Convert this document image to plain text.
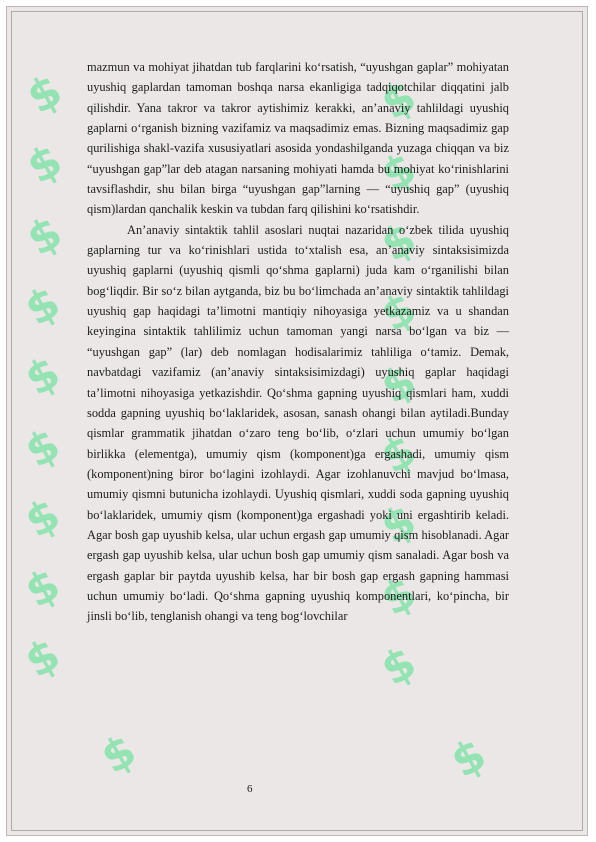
$
$
$
$
$
$
$
$
$
$
$
$
$
$
$
$
$
$
$
$

mazmun va mohiyat jihatdan tub farqlarini ko‘rsatish, “uyushgan gaplar” mohiyatan uyushiq gaplardan tamoman boshqa narsa ekanligiga tadqiqotchilar diqqatini jalb qilishdir. Yana takror va takror aytishimiz kerakki, an’anaviy tahlildagi uyushiq gaplarni o‘rganish bizning vazifamiz va maqsadimiz emas. Bizning maqsadimiz gap qurilishiga shakl-vazifa xususiyatlari asosida yondashilganda yuzaga chiqqan va biz “uyushgan gap”lar deb atagan narsaning mohiyati hamda bu mohiyat ko‘rinishlarini tavsiflashdir, shu bilan birga “uyushgan gap”larning — “uyushiq gap” (uyushiq qism)lardan qanchalik keskin va tubdan farq qilishini ko‘rsatishdir.

An’anaviy sintaktik tahlil asoslari nuqtai nazaridan o‘zbek tilida uyushiq gaplarning tur va ko‘rinishlari ustida to‘xtalish esa, an’anaviy sintaksisimizda uyushiq gaplarni (uyushiq qismli qo‘shma gaplarni) juda kam o‘rganilishi bilan bog‘liqdir. Bir so‘z bilan aytganda, biz bu bo‘limchada an’anaviy sintaktik tahlildagi uyushiq gap haqidagi ta’limotni mantiqiy nihoyasiga yetkazamiz va u shandan keyingina sintaktik tahlilimiz uchun tamoman yangi narsa bo‘lgan va biz — “uyushgan gap” (lar) deb nomlagan hodisalarimiz tahliliga o‘tamiz. Demak, navbatdagi vazifamiz (an’anaviy sintaksisimizdagi) uyushiq gaplar haqidagi ta’limotni nihoyasiga yetkazishdir. Qo‘shma gapning uyushiq qismlari ham, xuddi sodda gapning uyushiq bo‘laklaridek, asosan, sanash ohangi bilan aytiladi.Bunday qismlar grammatik jihatdan o‘zaro teng bo‘lib, o‘zlari uchun umumiy bo‘lgan birlikka (elementga), umumiy qism (komponent)ga ergashadi, umumiy qism (komponent)ning biror bo‘lagini izohlaydi. Agar izohlanuvchi mavjud bo‘lmasa, umumiy qismni butunicha izohlaydi. Uyushiq qismlari, xuddi soda gapning uyushiq bo‘laklaridek, umumiy qism (komponent)ga ergashadi yoki uni ergashtirib keladi. Agar bosh gap uyushib kelsa, ular uchun ergash gap umumiy qism hisoblanadi. Agar ergash gap uyushib kelsa, ular uchun bosh gap umumiy qism sanaladi. Agar bosh va ergash gaplar bir paytda uyushib kelsa, har bir bosh gap ergash gapning hammasi uchun umumiy bo‘ladi. Qo‘shma gapning uyushiq komponentlari, ko‘pincha, bir jinsli bo‘lib, tenglanish ohangi va teng bog‘lovchilar

6
